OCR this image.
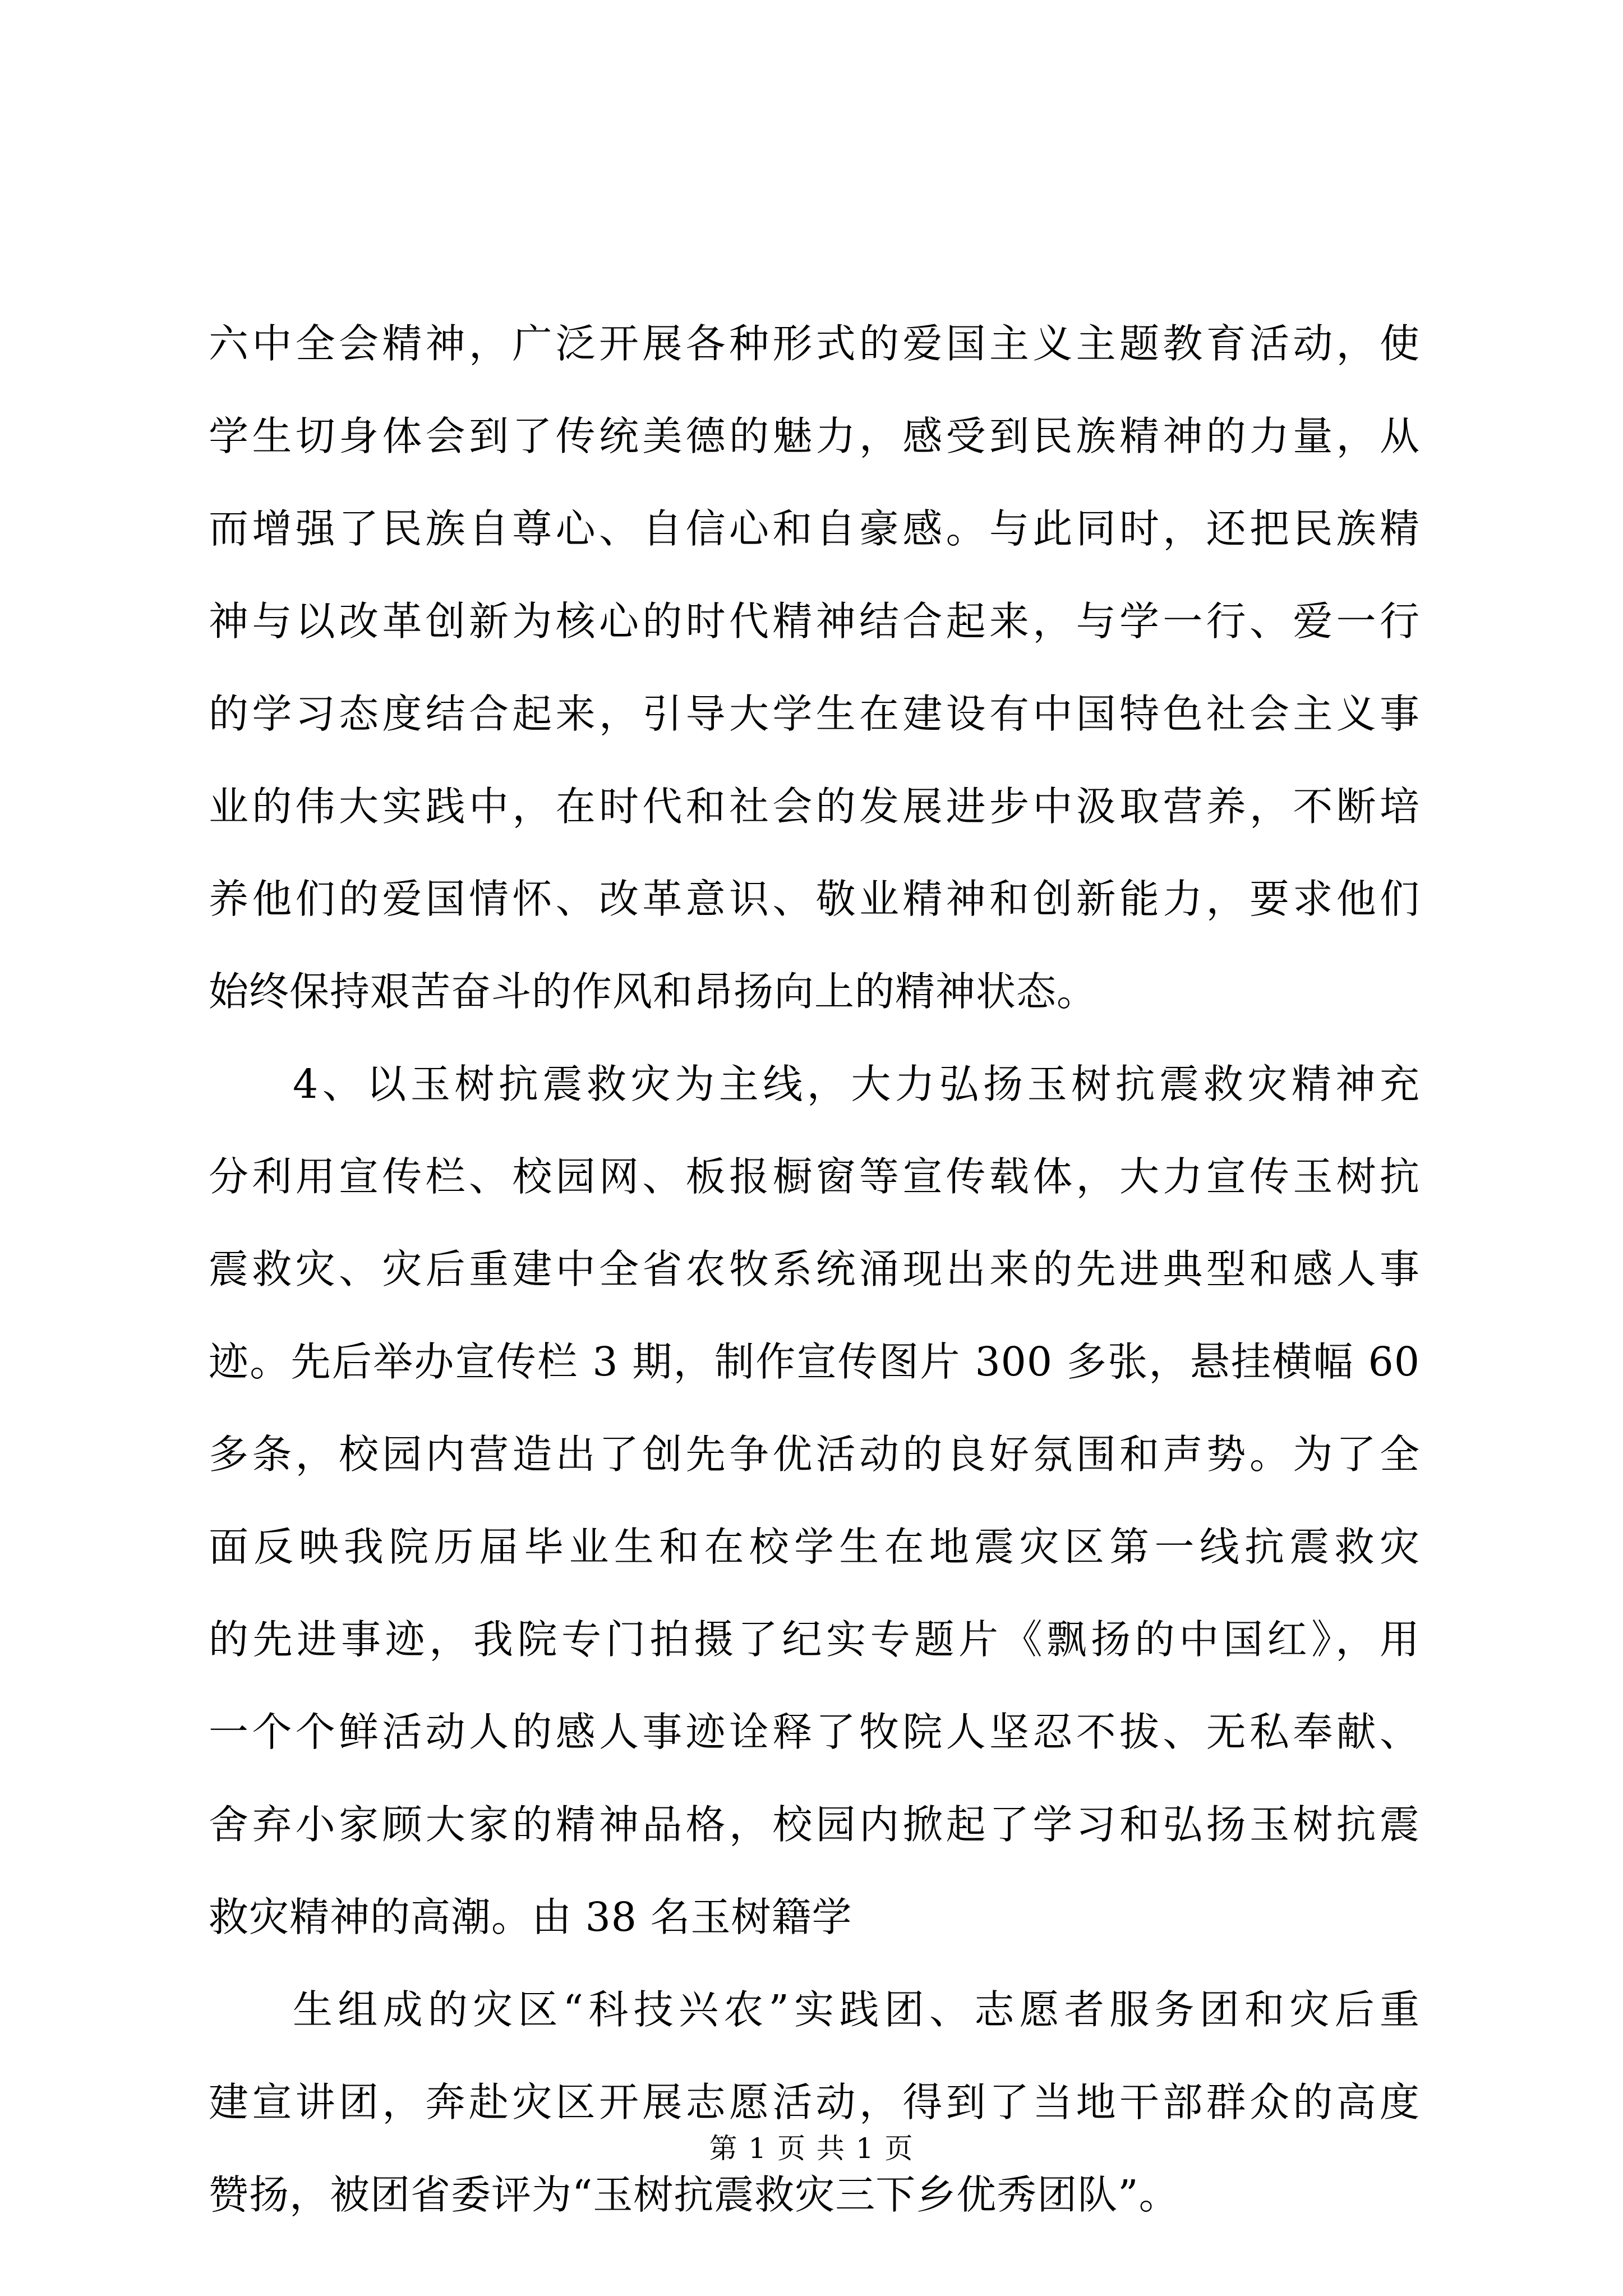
六中全会精神，广泛开展各种形式的爱国主义主题教育活动，使
学生切身体会到了传统美德的魅力，感受到民族精神的力量，从
而增强了民族自尊心、自信心和自豪感。与此同时，还把民族精
神与以改革创新为核心的时代精神结合起来，与学一行、爱一行
的学习态度结合起来，引导大学生在建设有中国特色社会主义事
业的伟大实践中，在时代和社会的发展进步中汲取营养，不断培
养他们的爱国情怀、改革意识、敬业精神和创新能力，要求他们
始终保持艰苦奋斗的作风和昂扬向上的精神状态。
4、以玉树抗震救灾为主线，大力弘扬玉树抗震救灾精神充
分利用宣传栏、校园网、板报橱窗等宣传载体，大力宣传玉树抗
震救灾、灾后重建中全省农牧系统涌现出来的先进典型和感人事
迹。先后举办宣传栏 3 期，制作宣传图片 300 多张，悬挂横幅 60
多条，校园内营造出了创先争优活动的良好氛围和声势。为了全
面反映我院历届毕业生和在校学生在地震灾区第一线抗震救灾
的先进事迹，我院专门拍摄了纪实专题片《飘扬的中国红》，用
一个个鲜活动人的感人事迹诠释了牧院人坚忍不拔、无私奉献、
舍弃小家顾大家的精神品格，校园内掀起了学习和弘扬玉树抗震
救灾精神的高潮。由 38 名玉树籍学
生组成的灾区“科技兴农”实践团、志愿者服务团和灾后重
建宣讲团，奔赴灾区开展志愿活动，得到了当地干部群众的高度
赞扬，被团省委评为“玉树抗震救灾三下乡优秀团队”。
第 1 页 共 1 页
